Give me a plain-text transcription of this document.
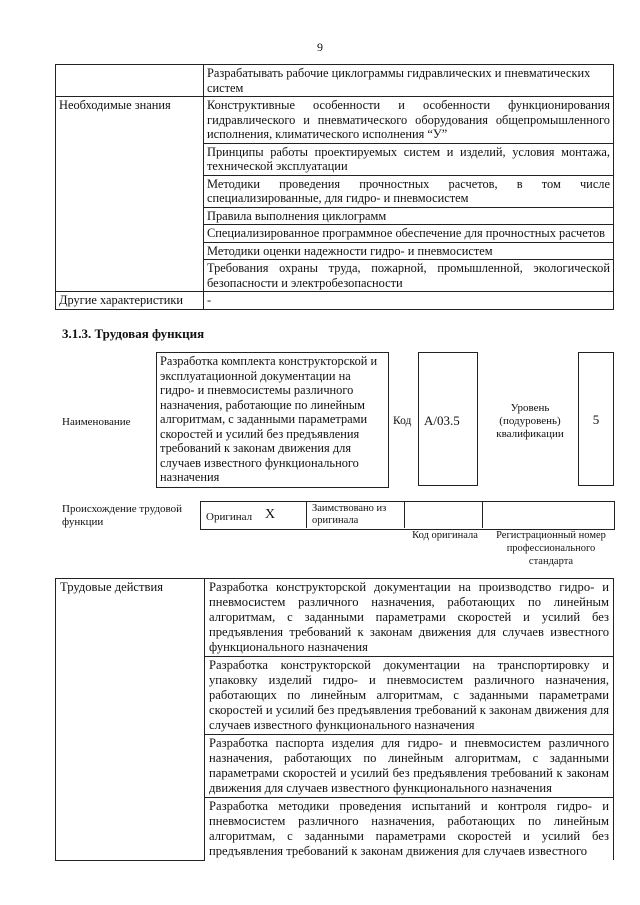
9
	Разрабатывать рабочие циклограммы гидравлических и пневматических систем
Необходимые знания	Конструктивные особенности и особенности функционирования гидравлического и пневматического оборудования общепромышленного исполнения, климатического исполнения “У”
	Принципы работы проектируемых систем и изделий, условия монтажа, технической эксплуатации
	Методики проведения прочностных расчетов, в том числе специализированные, для гидро- и пневмосистем
	Правила выполнения циклограмм
	Специализированное программное обеспечение для прочностных расчетов
	Методики оценки надежности гидро- и пневмосистем
	Требования охраны труда, пожарной, промышленной, экологической безопасности и электробезопасности
Другие характеристики	-
3.1.3. Трудовая функция
Наименование
Разработка комплекта конструкторской и эксплуатационной документации на гидро- и пневмосистемы различного назначения, работающие по линейным алгоритмам, с заданными параметрами скоростей и усилий без предъявления требований к законам движения для случаев известного функционального назначения
Код A/03.5
Уровень (подуровень) квалификации
5
Происхождение трудовой функции	Оригинал X	Заимствовано из оригинала
Код оригинала	Регистрационный номер профессионального стандарта
Трудовые действия	Разработка конструкторской документации на производство гидро- и пневмосистем различного назначения, работающих по линейным алгоритмам, с заданными параметрами скоростей и усилий без предъявления требований к законам движения для случаев известного функционального назначения
Разработка конструкторской документации на транспортировку и упаковку изделий гидро- и пневмосистем различного назначения, работающих по линейным алгоритмам, с заданными параметрами скоростей и усилий без предъявления требований к законам движения для случаев известного функционального назначения
Разработка паспорта изделия для гидро- и пневмосистем различного назначения, работающих по линейным алгоритмам, с заданными параметрами скоростей и усилий без предъявления требований к законам движения для случаев известного функционального назначения
Разработка методики проведения испытаний и контроля гидро- и пневмосистем различного назначения, работающих по линейным алгоритмам, с заданными параметрами скоростей и усилий без предъявления требований к законам движения для случаев известного
